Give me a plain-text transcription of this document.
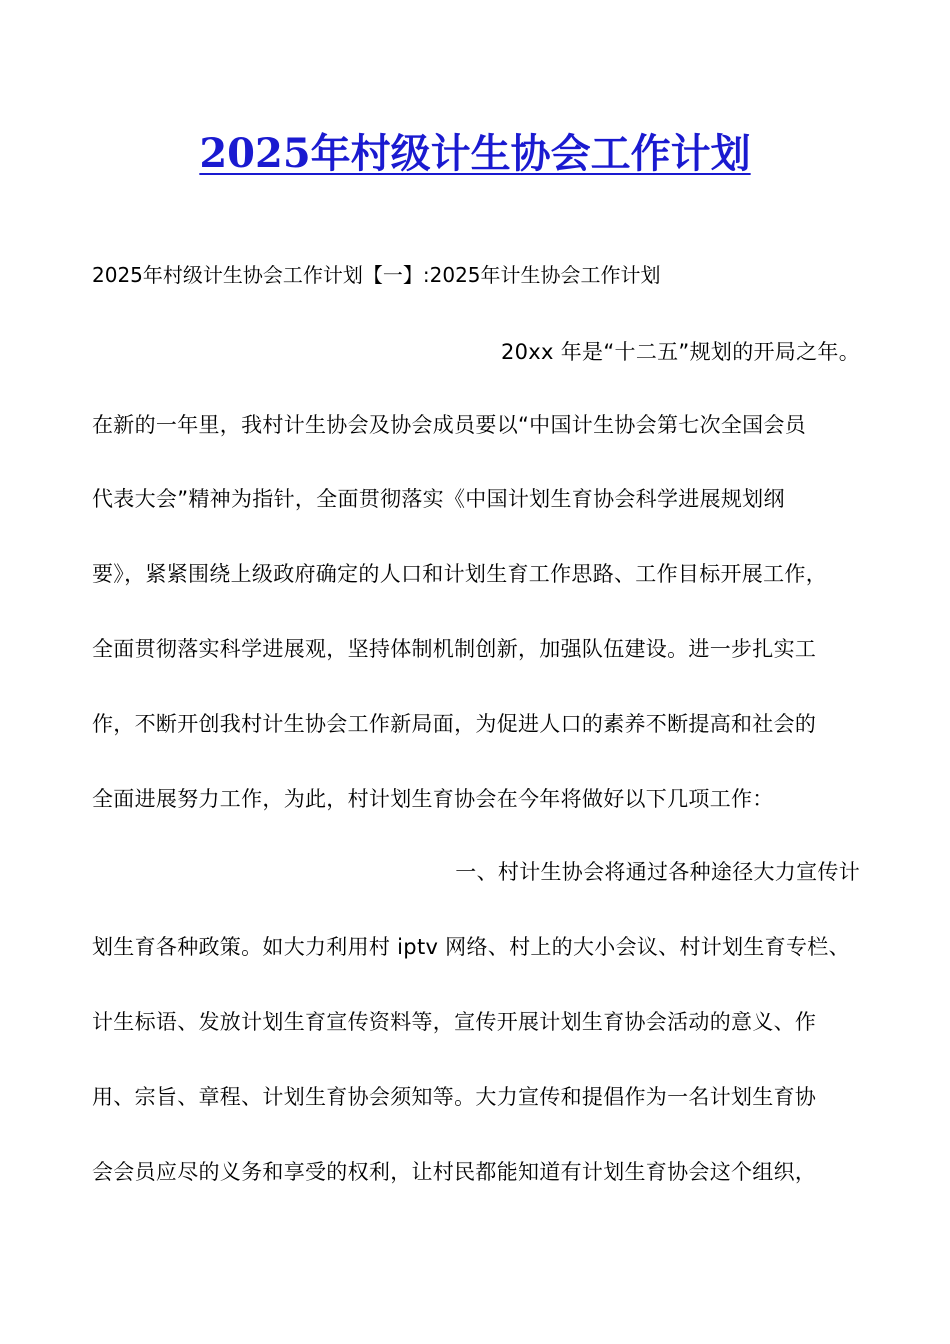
2025年村级计生协会工作计划
2025年村级计生协会工作计划【一】:2025年计生协会工作计划
20xx 年是“十二五”规划的开局之年。
在新的一年里，我村计生协会及协会成员要以“中国计生协会第七次全国会员
代表大会”精神为指针，全面贯彻落实《中国计划生育协会科学进展规划纲
要》，紧紧围绕上级政府确定的人口和计划生育工作思路、工作目标开展工作，
全面贯彻落实科学进展观，坚持体制机制创新，加强队伍建设。进一步扎实工
作，不断开创我村计生协会工作新局面，为促进人口的素养不断提高和社会的
全面进展努力工作，为此，村计划生育协会在今年将做好以下几项工作：
一、村计生协会将通过各种途径大力宣传计
划生育各种政策。如大力利用村 iptv 网络、村上的大小会议、村计划生育专栏、
计生标语、发放计划生育宣传资料等，宣传开展计划生育协会活动的意义、作
用、宗旨、章程、计划生育协会须知等。大力宣传和提倡作为一名计划生育协
会会员应尽的义务和享受的权利，让村民都能知道有计划生育协会这个组织，
